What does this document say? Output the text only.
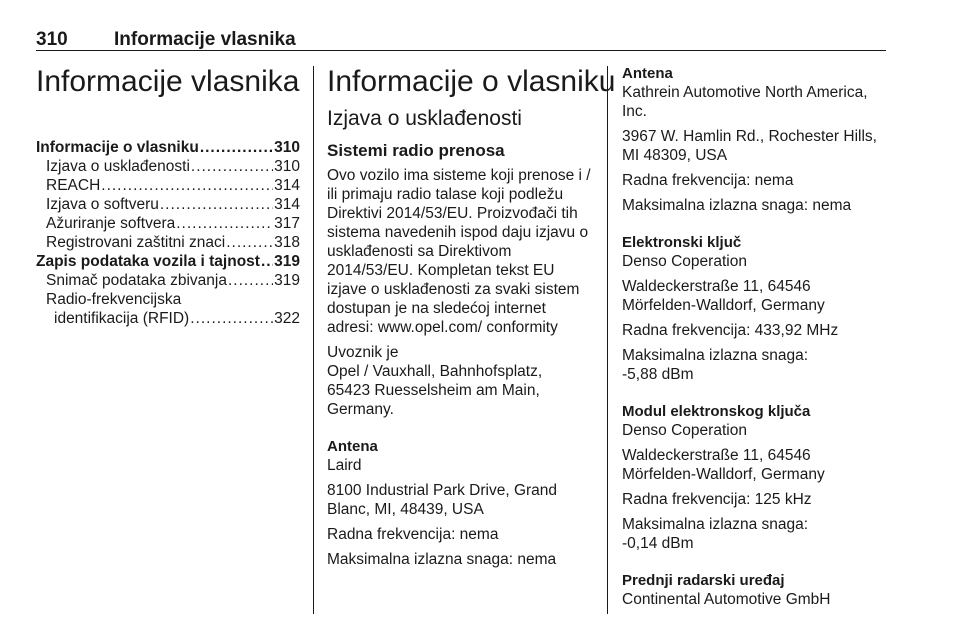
310 Informacije vlasnika
Informacije vlasnika
Informacije o vlasniku .....	310
Izjava o usklađenosti .....	310
REACH .....	314
Izjava o softveru .....	314
Ažuriranje softvera .....	317
Registrovani zaštitni znaci .....	318
Zapis podataka vozila i tajnost ..... 319
Snimač podataka zbivanja .....	319
Radio-frekvencijska
identifikacija (RFID) .....	322
Informacije o vlasniku
Izjava o usklađenosti
Sistemi radio prenosa

Ovo vozilo ima sisteme koji prenose i / ili primaju radio talase koji podležu Direktivi 2014/53/EU. Proizvođači tih sistema navedenih ispod daju izjavu o usklađenosti sa Direktivom 2014/53/EU. Kompletan tekst EU izjave o usklađenosti za svaki sistem dostupan je na sledećoj internet adresi: www.opel.com/ conformity

Uvoznik je
Opel / Vauxhall, Bahnhofsplatz,
65423 Ruesselsheim am Main,
Germany.

Antena

Laird

8100 Industrial Park Drive, Grand Blanc, MI, 48439, USA

Radna frekvencija: nema

Maksimalna izlazna snaga: nema

Antena

Kathrein Automotive North America, Inc.

3967 W. Hamlin Rd., Rochester Hills, MI 48309, USA

Radna frekvencija: nema

Maksimalna izlazna snaga: nema

Elektronski ključ

Denso Coperation

Waldeckerstraße 11, 64546
Mörfelden-Walldorf, Germany

Radna frekvencija: 433,92 MHz

Maksimalna izlazna snaga:
-5,88 dBm

Modul elektronskog ključa

Denso Coperation

Waldeckerstraße 11, 64546
Mörfelden-Walldorf, Germany

Radna frekvencija: 125 kHz

Maksimalna izlazna snaga:
-0,14 dBm

Prednji radarski uređaj

Continental Automotive GmbH
